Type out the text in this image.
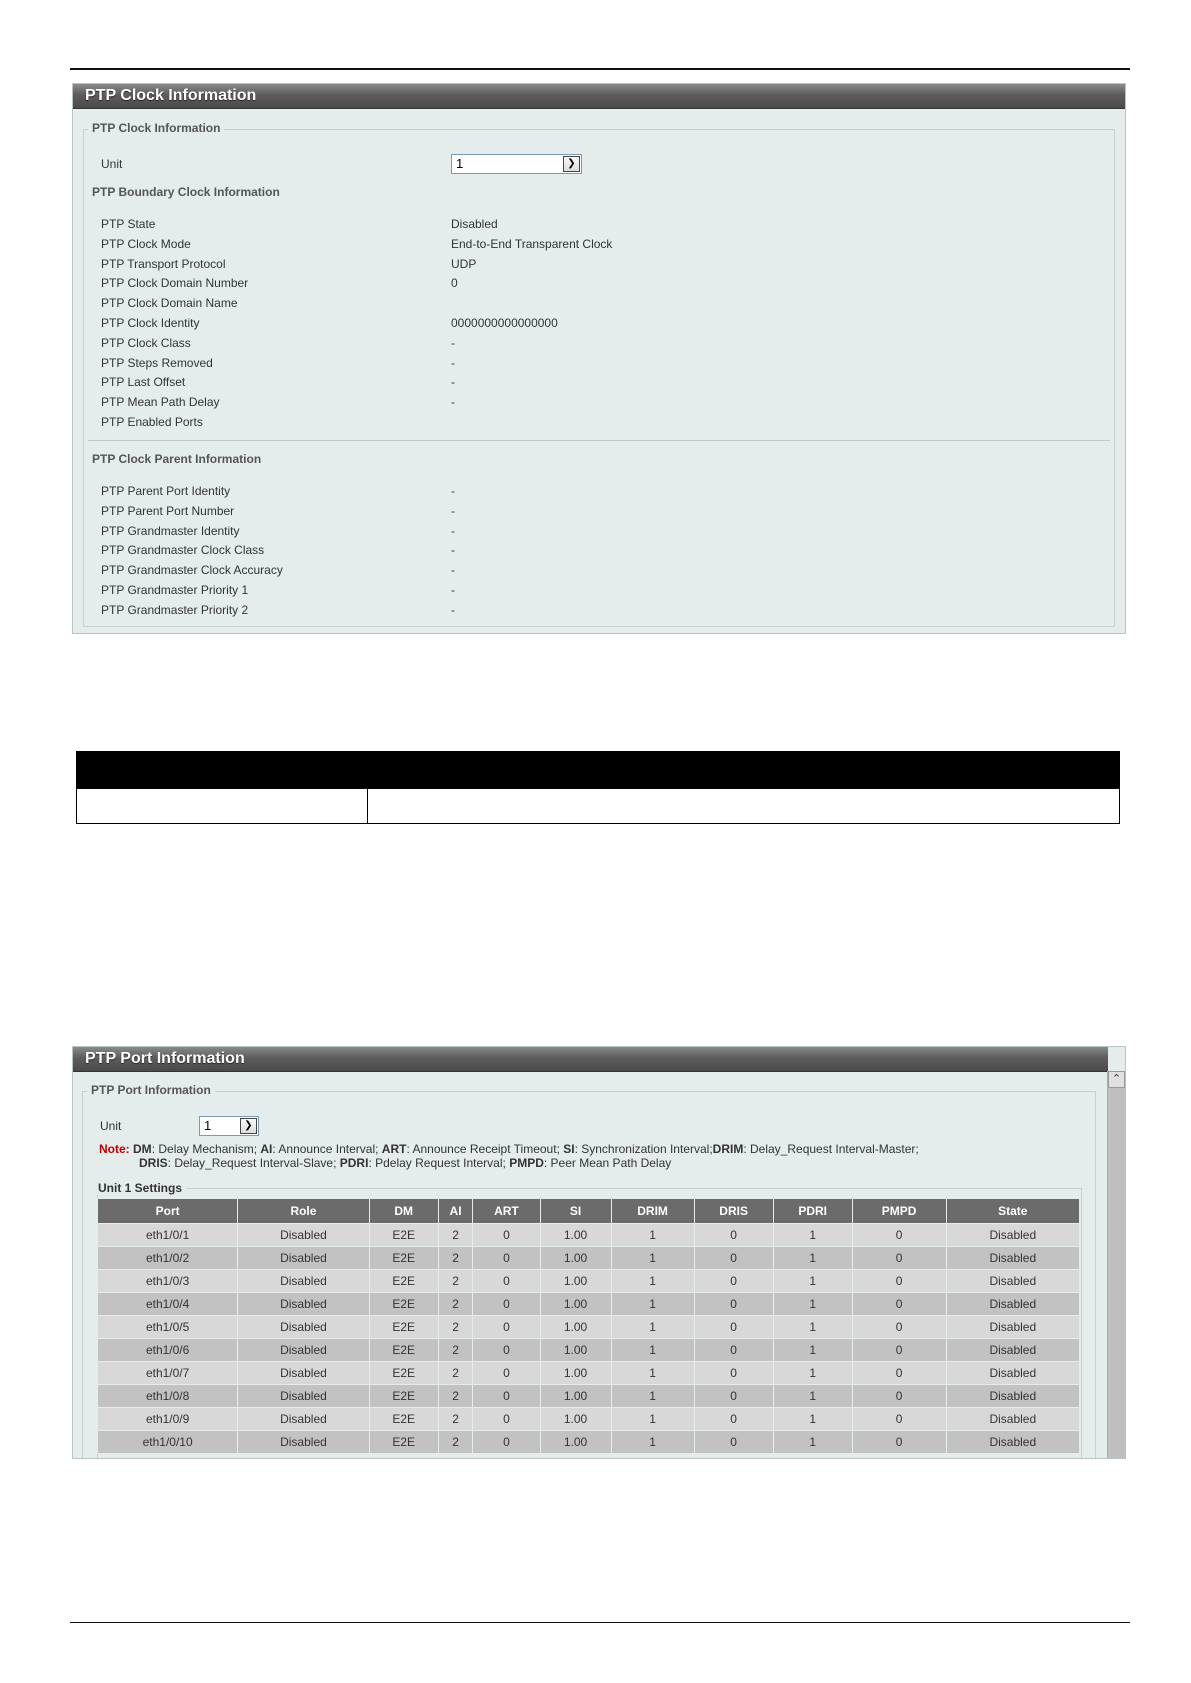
PTP Clock Information
PTP Clock Information
Unit	1	❯
PTP Boundary Clock Information
PTP State	Disabled
PTP Clock Mode	End-to-End Transparent Clock
PTP Transport Protocol	UDP
PTP Clock Domain Number	0
PTP Clock Domain Name
PTP Clock Identity	0000000000000000
PTP Clock Class	-
PTP Steps Removed	-
PTP Last Offset	-
PTP Mean Path Delay	-
PTP Enabled Ports
PTP Clock Parent Information
PTP Parent Port Identity	-
PTP Parent Port Number	-
PTP Grandmaster Identity	-
PTP Grandmaster Clock Class	-
PTP Grandmaster Clock Accuracy	-
PTP Grandmaster Priority 1	-
PTP Grandmaster Priority 2	-

PTP Port Information
⌃
PTP Port Information
Unit	1	❯
Note: DM: Delay Mechanism; AI: Announce Interval; ART: Announce Receipt Timeout; SI: Synchronization Interval;DRIM: Delay_Request Interval-Master;
DRIS: Delay_Request Interval-Slave; PDRI: Pdelay Request Interval; PMPD: Peer Mean Path Delay
Unit 1 Settings
Port	Role	DM	AI	ART	SI	DRIM	DRIS	PDRI	PMPD	State
eth1/0/1	Disabled	E2E	2	0	1.00	1	0	1	0	Disabled
eth1/0/2	Disabled	E2E	2	0	1.00	1	0	1	0	Disabled
eth1/0/3	Disabled	E2E	2	0	1.00	1	0	1	0	Disabled
eth1/0/4	Disabled	E2E	2	0	1.00	1	0	1	0	Disabled
eth1/0/5	Disabled	E2E	2	0	1.00	1	0	1	0	Disabled
eth1/0/6	Disabled	E2E	2	0	1.00	1	0	1	0	Disabled
eth1/0/7	Disabled	E2E	2	0	1.00	1	0	1	0	Disabled
eth1/0/8	Disabled	E2E	2	0	1.00	1	0	1	0	Disabled
eth1/0/9	Disabled	E2E	2	0	1.00	1	0	1	0	Disabled
eth1/0/10	Disabled	E2E	2	0	1.00	1	0	1	0	Disabled
